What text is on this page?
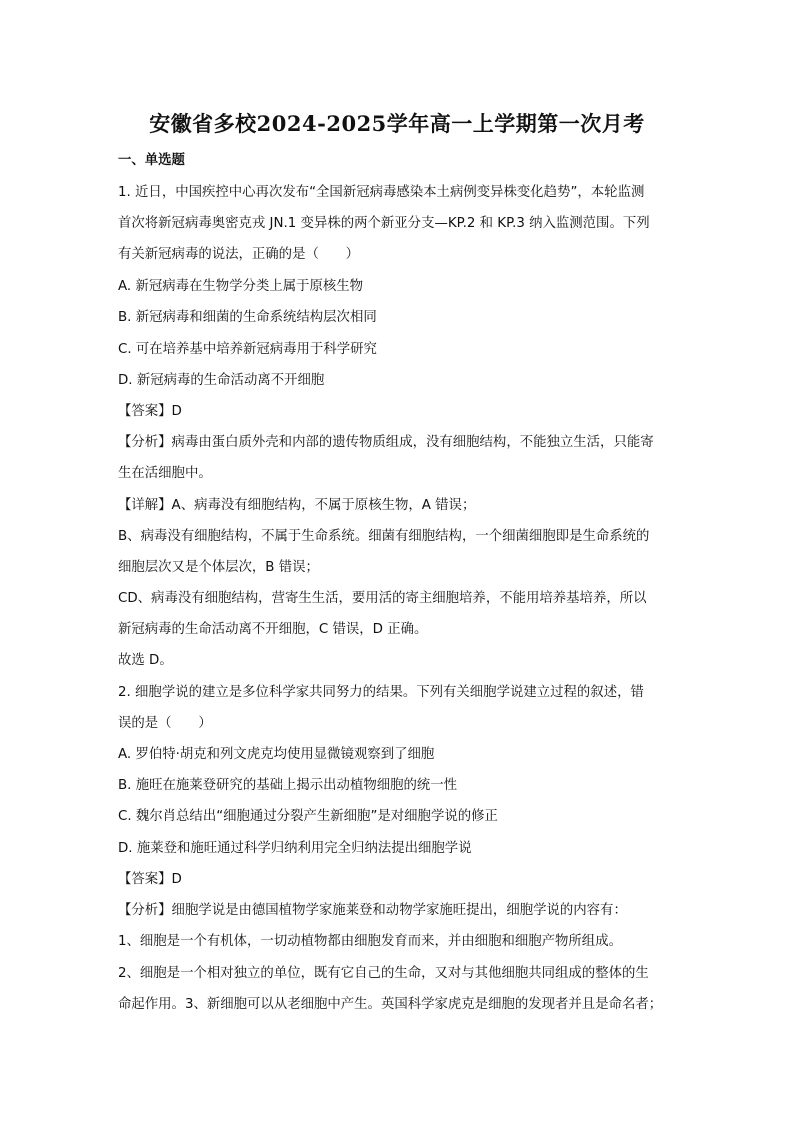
安徽省多校2024-2025学年高一上学期第一次月考
一、单选题
1. 近日，中国疾控中心再次发布“全国新冠病毒感染本土病例变异株变化趋势”，本轮监测
首次将新冠病毒奥密克戎 JN.1 变异株的两个新亚分支—KP.2 和 KP.3 纳入监测范围。下列
有关新冠病毒的说法，正确的是（　　）
A. 新冠病毒在生物学分类上属于原核生物
B. 新冠病毒和细菌的生命系统结构层次相同
C. 可在培养基中培养新冠病毒用于科学研究
D. 新冠病毒的生命活动离不开细胞
【答案】D
【分析】病毒由蛋白质外壳和内部的遗传物质组成，没有细胞结构，不能独立生活，只能寄
生在活细胞中。
【详解】A、病毒没有细胞结构，不属于原核生物，A 错误；
B、病毒没有细胞结构，不属于生命系统。细菌有细胞结构，一个细菌细胞即是生命系统的
细胞层次又是个体层次，B 错误；
CD、病毒没有细胞结构，营寄生生活，要用活的寄主细胞培养，不能用培养基培养，所以
新冠病毒的生命活动离不开细胞，C 错误，D 正确。
故选 D。
2. 细胞学说的建立是多位科学家共同努力的结果。下列有关细胞学说建立过程的叙述，错
误的是（　　）
A. 罗伯特·胡克和列文虎克均使用显微镜观察到了细胞
B. 施旺在施莱登研究的基础上揭示出动植物细胞的统一性
C. 魏尔肖总结出“细胞通过分裂产生新细胞”是对细胞学说的修正
D. 施莱登和施旺通过科学归纳利用完全归纳法提出细胞学说
【答案】D
【分析】细胞学说是由德国植物学家施莱登和动物学家施旺提出，细胞学说的内容有：
1、细胞是一个有机体，一切动植物都由细胞发育而来，并由细胞和细胞产物所组成。
2、细胞是一个相对独立的单位，既有它自己的生命，又对与其他细胞共同组成的整体的生
命起作用。3、新细胞可以从老细胞中产生。英国科学家虎克是细胞的发现者并且是命名者；
